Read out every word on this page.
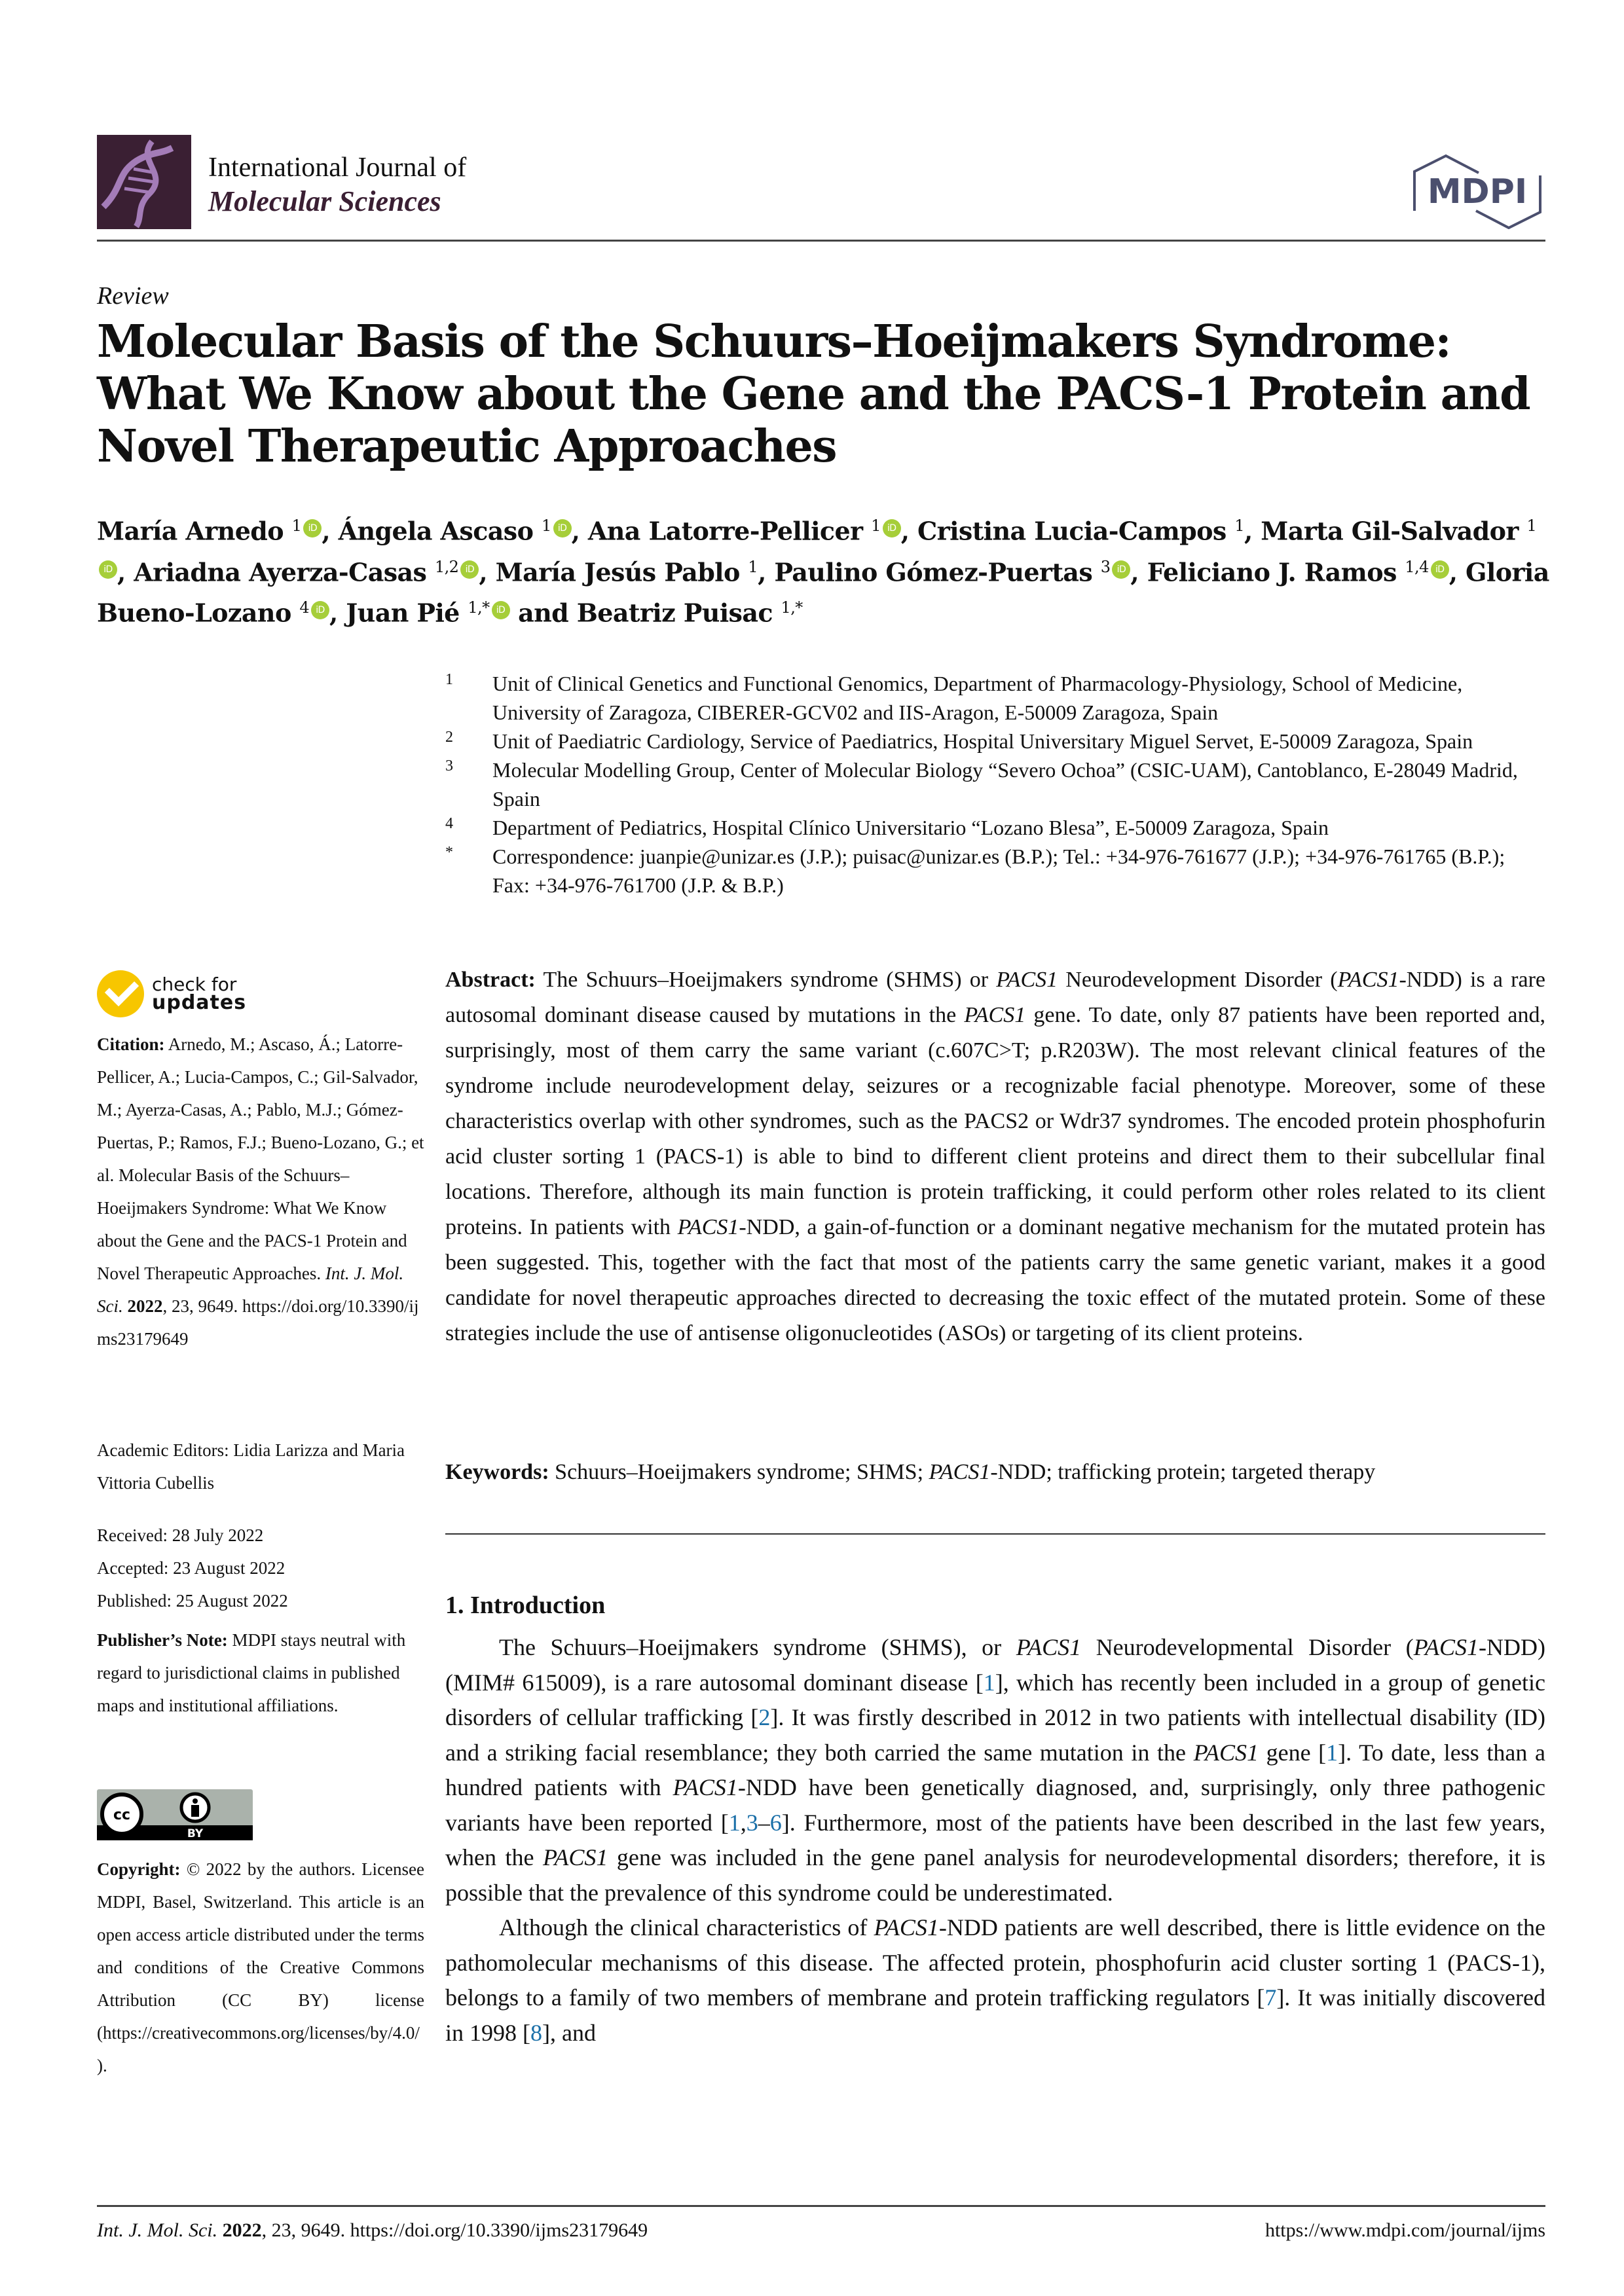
International Journal of
Molecular Sciences	MDPI
Review
Molecular Basis of the Schuurs–Hoeijmakers Syndrome: What We Know about the Gene and the PACS-1 Protein and Novel Therapeutic Approaches
María Arnedo $^1$ iD , Ángela Ascaso $^1$ iD , Ana Latorre-Pellicer $^1$ iD , Cristina Lucia-Campos $^1$, Marta Gil-Salvador $^1$iD , Ariadna Ayerza-Casas $^{1,2}$ iD , María Jesús Pablo $^1$, Paulino Gómez-Puertas $^3$ iD , Feliciano J. Ramos $^{1,4}$ iD , Gloria Bueno-Lozano $^4$ iD , Juan Pié $^{1,*}$ iD and Beatriz Puisac $^{1,*}$
1	Unit of Clinical Genetics and Functional Genomics, Department of Pharmacology-Physiology, School of Medicine, University of Zaragoza, CIBERER-GCV02 and IIS-Aragon, E-50009 Zaragoza, Spain
2	Unit of Paediatric Cardiology, Service of Paediatrics, Hospital Universitary Miguel Servet, E-50009 Zaragoza, Spain
3	Molecular Modelling Group, Center of Molecular Biology “Severo Ochoa” (CSIC-UAM), Cantoblanco, E-28049 Madrid, Spain
4	Department of Pediatrics, Hospital Clínico Universitario “Lozano Blesa”, E-50009 Zaragoza, Spain
*	Correspondence: juanpie@unizar.es (J.P.); puisac@unizar.es (B.P.); Tel.: +34-976-761677 (J.P.); +34-976-761765 (B.P.); Fax: +34-976-761700 (J.P. & B.P.)
check for
updates
Citation: Arnedo, M.; Ascaso, Á.; Latorre-Pellicer, A.; Lucia-Campos, C.; Gil-Salvador, M.; Ayerza-Casas, A.; Pablo, M.J.; Gómez-Puertas, P.; Ramos, F.J.; Bueno-Lozano, G.; et al. Molecular Basis of the Schuurs–Hoeijmakers Syndrome: What We Know about the Gene and the PACS-1 Protein and Novel Therapeutic Approaches. Int. J. Mol. Sci. 2022, 23, 9649. https://doi.org/10.3390/ijms23179649
Academic Editors: Lidia Larizza and Maria Vittoria Cubellis
Received: 28 July 2022
Accepted: 23 August 2022
Published: 25 August 2022
Publisher’s Note: MDPI stays neutral with regard to jurisdictional claims in published maps and institutional affiliations.
cc
BY
Copyright: © 2022 by the authors. Licensee MDPI, Basel, Switzerland. This article is an open access article distributed under the terms and conditions of the Creative Commons Attribution (CC BY) license (https://creativecommons.org/licenses/by/4.0/).
Abstract: The Schuurs–Hoeijmakers syndrome (SHMS) or PACS1 Neurodevelopment Disorder (PACS1-NDD) is a rare autosomal dominant disease caused by mutations in the PACS1 gene. To date, only 87 patients have been reported and, surprisingly, most of them carry the same variant (c.607C>T; p.R203W). The most relevant clinical features of the syndrome include neurodevelopment delay, seizures or a recognizable facial phenotype. Moreover, some of these characteristics overlap with other syndromes, such as the PACS2 or Wdr37 syndromes. The encoded protein phosphofurin acid cluster sorting 1 (PACS-1) is able to bind to different client proteins and direct them to their subcellular final locations. Therefore, although its main function is protein trafficking, it could perform other roles related to its client proteins. In patients with PACS1-NDD, a gain-of-function or a dominant negative mechanism for the mutated protein has been suggested. This, together with the fact that most of the patients carry the same genetic variant, makes it a good candidate for novel therapeutic approaches directed to decreasing the toxic effect of the mutated protein. Some of these strategies include the use of antisense oligonucleotides (ASOs) or targeting of its client proteins.
Keywords: Schuurs–Hoeijmakers syndrome; SHMS; PACS1-NDD; trafficking protein; targeted therapy
1. Introduction

The Schuurs–Hoeijmakers syndrome (SHMS), or PACS1 Neurodevelopmental Disorder (PACS1-NDD) (MIM# 615009), is a rare autosomal dominant disease [1], which has recently been included in a group of genetic disorders of cellular trafficking [2]. It was firstly described in 2012 in two patients with intellectual disability (ID) and a striking facial resemblance; they both carried the same mutation in the PACS1 gene [1]. To date, less than a hundred patients with PACS1-NDD have been genetically diagnosed, and, surprisingly, only three pathogenic variants have been reported [1,3–6]. Furthermore, most of the patients have been described in the last few years, when the PACS1 gene was included in the gene panel analysis for neurodevelopmental disorders; therefore, it is possible that the prevalence of this syndrome could be underestimated.

Although the clinical characteristics of PACS1-NDD patients are well described, there is little evidence on the pathomolecular mechanisms of this disease. The affected protein, phosphofurin acid cluster sorting 1 (PACS-1), belongs to a family of two members of membrane and protein trafficking regulators [7]. It was initially discovered in 1998 [8], and

Int. J. Mol. Sci. 2022, 23, 9649. https://doi.org/10.3390/ijms23179649	https://www.mdpi.com/journal/ijms
